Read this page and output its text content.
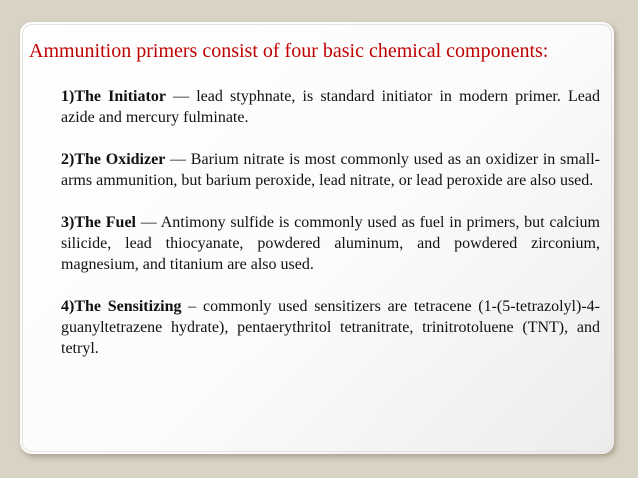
Ammunition primers consist of four basic chemical components:

1)The Initiator — lead styphnate, is standard initiator in modern primer. Lead azide and mercury fulminate.

2)The Oxidizer — Barium nitrate is most commonly used as an oxidizer in small-arms ammunition, but barium peroxide, lead nitrate, or lead peroxide are also used.

3)The Fuel — Antimony sulfide is commonly used as fuel in primers, but calcium silicide, lead thiocyanate, powdered aluminum, and powdered zirconium, magnesium, and titanium are also used.

4)The Sensitizing – commonly used sensitizers are tetracene (1-(5-tetrazolyl)-4-guanyltetrazene hydrate), pentaerythritol tetranitrate, trinitrotoluene (TNT), and tetryl.
